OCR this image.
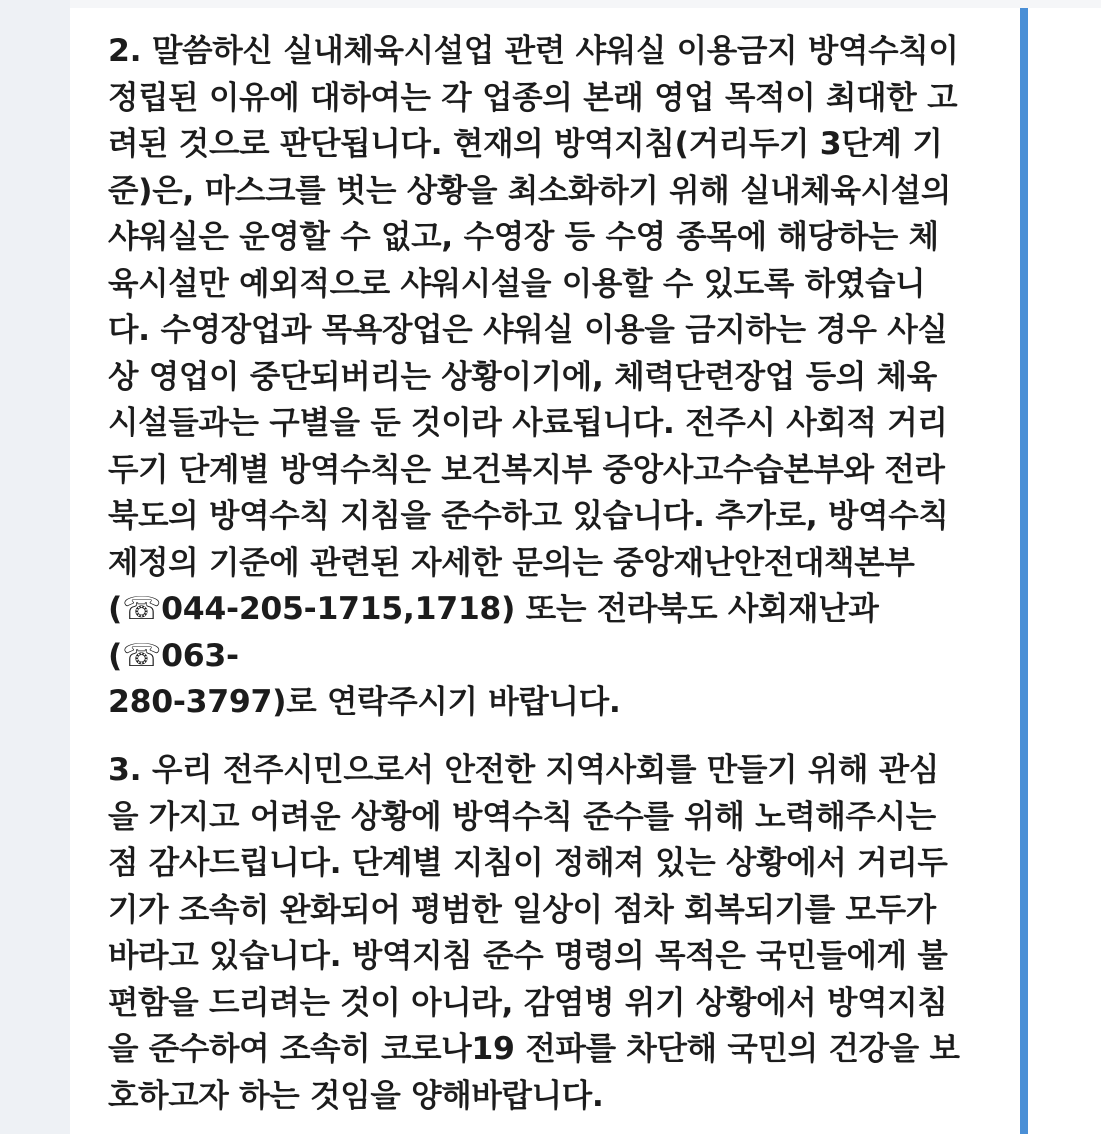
2. 말씀하신 실내체육시설업 관련 샤워실 이용금지 방역수칙이
정립된 이유에 대하여는 각 업종의 본래 영업 목적이 최대한 고
려된 것으로 판단됩니다. 현재의 방역지침(거리두기 3단계 기
준)은, 마스크를 벗는 상황을 최소화하기 위해 실내체육시설의
샤워실은 운영할 수 없고, 수영장 등 수영 종목에 해당하는 체
육시설만 예외적으로 샤워시설을 이용할 수 있도록 하였습니
다. 수영장업과 목욕장업은 샤워실 이용을 금지하는 경우 사실
상 영업이 중단되버리는 상황이기에, 체력단련장업 등의 체육
시설들과는 구별을 둔 것이라 사료됩니다. 전주시 사회적 거리
두기 단계별 방역수칙은 보건복지부 중앙사고수습본부와 전라
북도의 방역수칙 지침을 준수하고 있습니다. 추가로, 방역수칙
제정의 기준에 관련된 자세한 문의는 중앙재난안전대책본부
(☏044-205-1715,1718) 또는 전라북도 사회재난과(☏063-
280-3797)로 연락주시기 바랍니다.

3. 우리 전주시민으로서 안전한 지역사회를 만들기 위해 관심
을 가지고 어려운 상황에 방역수칙 준수를 위해 노력해주시는
점 감사드립니다. 단계별 지침이 정해져 있는 상황에서 거리두
기가 조속히 완화되어 평범한 일상이 점차 회복되기를 모두가
바라고 있습니다. 방역지침 준수 명령의 목적은 국민들에게 불
편함을 드리려는 것이 아니라, 감염병 위기 상황에서 방역지침
을 준수하여 조속히 코로나19 전파를 차단해 국민의 건강을 보
호하고자 하는 것임을 양해바랍니다.
